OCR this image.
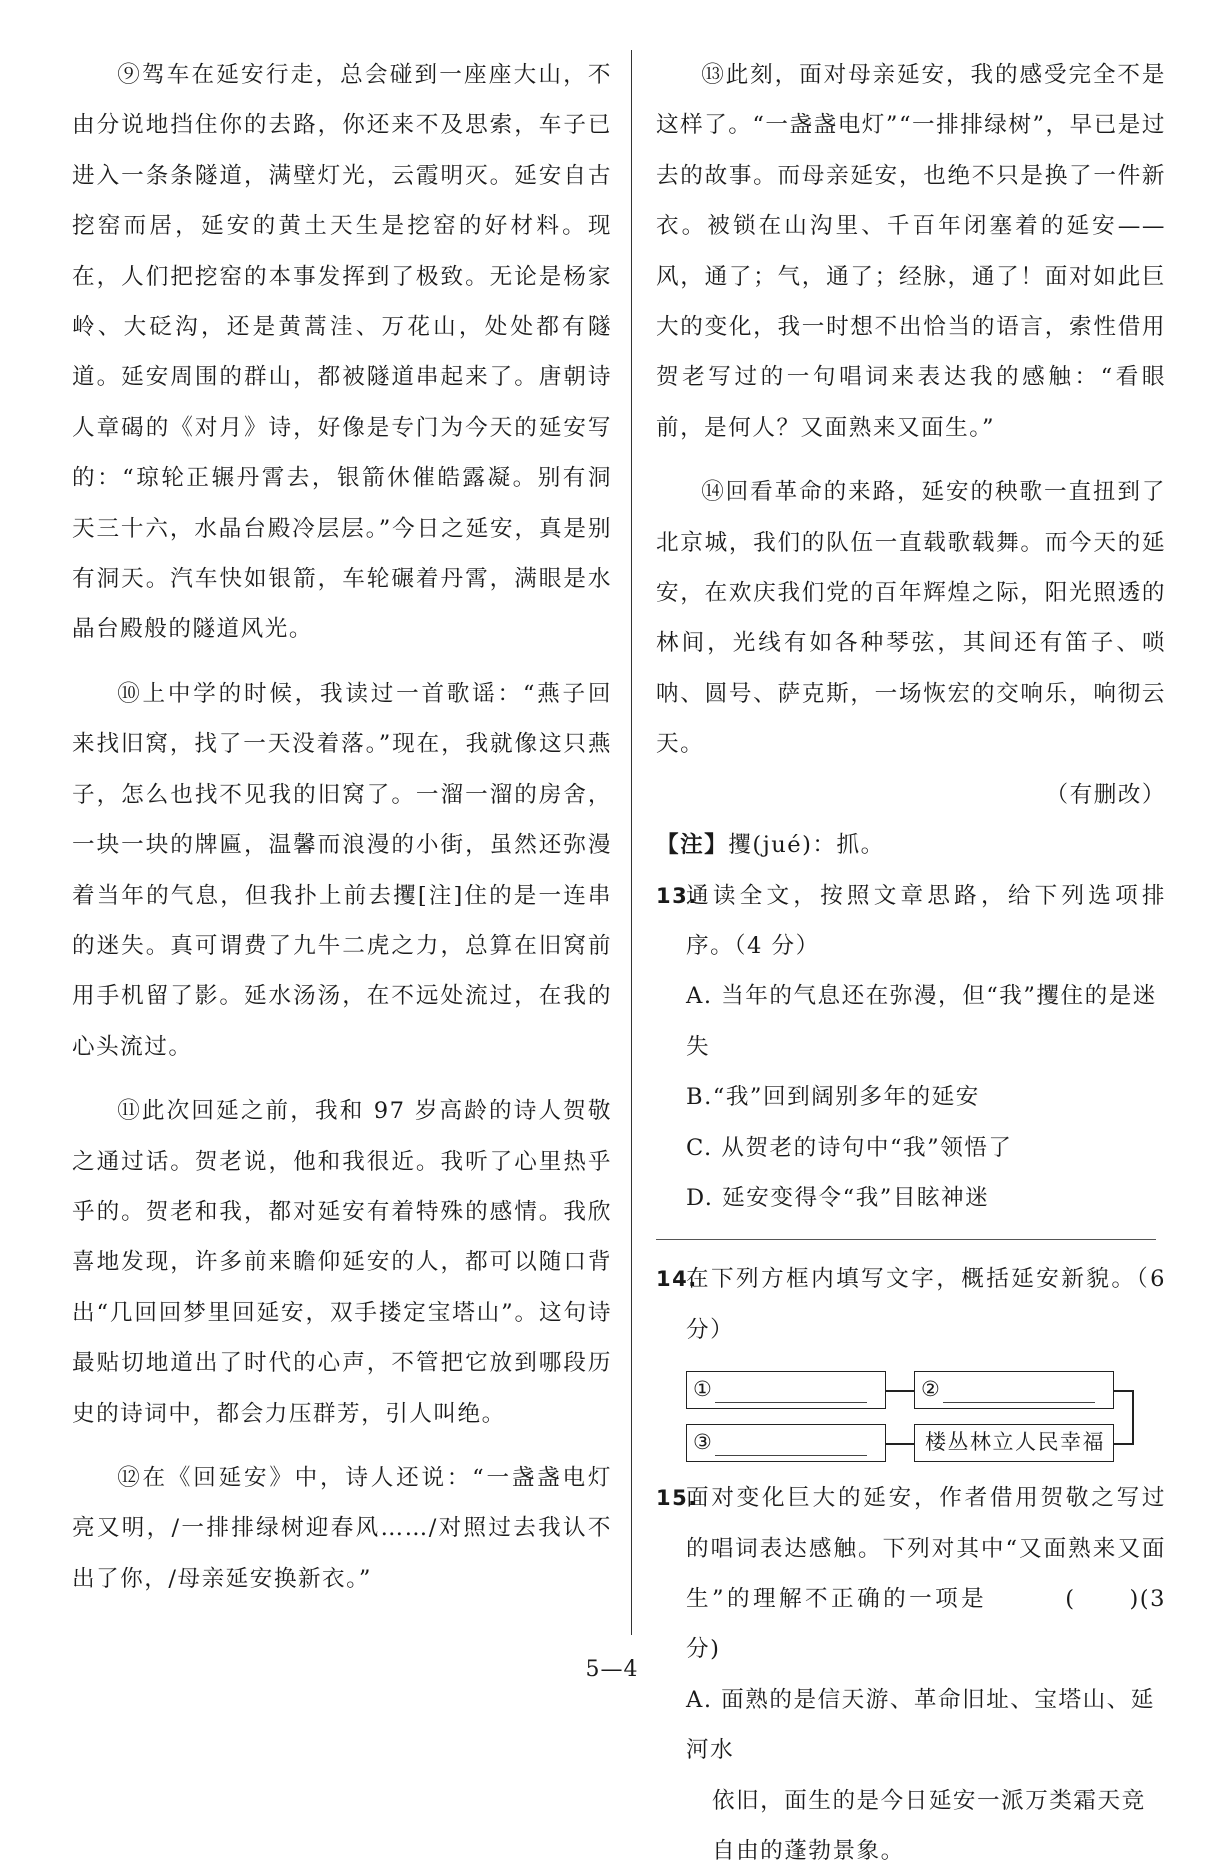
⑨驾车在延安行走，总会碰到一座座大山，不由分说地挡住你的去路，你还来不及思索，车子已进入一条条隧道，满壁灯光，云霞明灭。延安自古挖窑而居，延安的黄土天生是挖窑的好材料。现在，人们把挖窑的本事发挥到了极致。无论是杨家岭、大砭沟，还是黄蒿洼、万花山，处处都有隧道。延安周围的群山，都被隧道串起来了。唐朝诗人章碣的《对月》诗，好像是专门为今天的延安写的：“琼轮正辗丹霄去，银箭休催皓露凝。别有洞天三十六，水晶台殿冷层层。”今日之延安，真是别有洞天。汽车快如银箭，车轮碾着丹霄，满眼是水晶台殿般的隧道风光。

⑩上中学的时候，我读过一首歌谣：“燕子回来找旧窝，找了一天没着落。”现在，我就像这只燕子，怎么也找不见我的旧窝了。一溜一溜的房舍，一块一块的牌匾，温馨而浪漫的小街，虽然还弥漫着当年的气息，但我扑上前去攫[注]住的是一连串的迷失。真可谓费了九牛二虎之力，总算在旧窝前用手机留了影。延水汤汤，在不远处流过，在我的心头流过。

⑪此次回延之前，我和 97 岁高龄的诗人贺敬之通过话。贺老说，他和我很近。我听了心里热乎乎的。贺老和我，都对延安有着特殊的感情。我欣喜地发现，许多前来瞻仰延安的人，都可以随口背出“几回回梦里回延安，双手搂定宝塔山”。这句诗最贴切地道出了时代的心声，不管把它放到哪段历史的诗词中，都会力压群芳，引人叫绝。

⑫在《回延安》中，诗人还说：“一盏盏电灯亮又明，/一排排绿树迎春风……/对照过去我认不出了你，/母亲延安换新衣。”

⑬此刻，面对母亲延安，我的感受完全不是这样了。“一盏盏电灯”“一排排绿树”，早已是过去的故事。而母亲延安，也绝不只是换了一件新衣。被锁在山沟里、千百年闭塞着的延安——风，通了；气，通了；经脉，通了！面对如此巨大的变化，我一时想不出恰当的语言，索性借用贺老写过的一句唱词来表达我的感触：“看眼前，是何人？又面熟来又面生。”

⑭回看革命的来路，延安的秧歌一直扭到了北京城，我们的队伍一直载歌载舞。而今天的延安，在欢庆我们党的百年辉煌之际，阳光照透的林间，光线有如各种琴弦，其间还有笛子、唢呐、圆号、萨克斯，一场恢宏的交响乐，响彻云天。

（有删改）
【注】攫(jué)：抓。
13.
通读全文，按照文章思路，给下列选项排序。（4 分）
A. 当年的气息还在弥漫，但“我”攫住的是迷失
B.“我”回到阔别多年的延安
C. 从贺老的诗句中“我”领悟了
D. 延安变得令“我”目眩神迷
14.
在下列方框内填写文字，概括延安新貌。（6 分）
①	②
③	楼丛林立人民幸福
15.
面对变化巨大的延安，作者借用贺敬之写过的唱词表达感触。下列对其中“又面熟来又面生”的理解不正确的一项是　　　(　　)(3 分)
A. 面熟的是信天游、革命旧址、宝塔山、延河水
依旧，面生的是今日延安一派万类霜天竞自由的蓬勃景象。
5—4
